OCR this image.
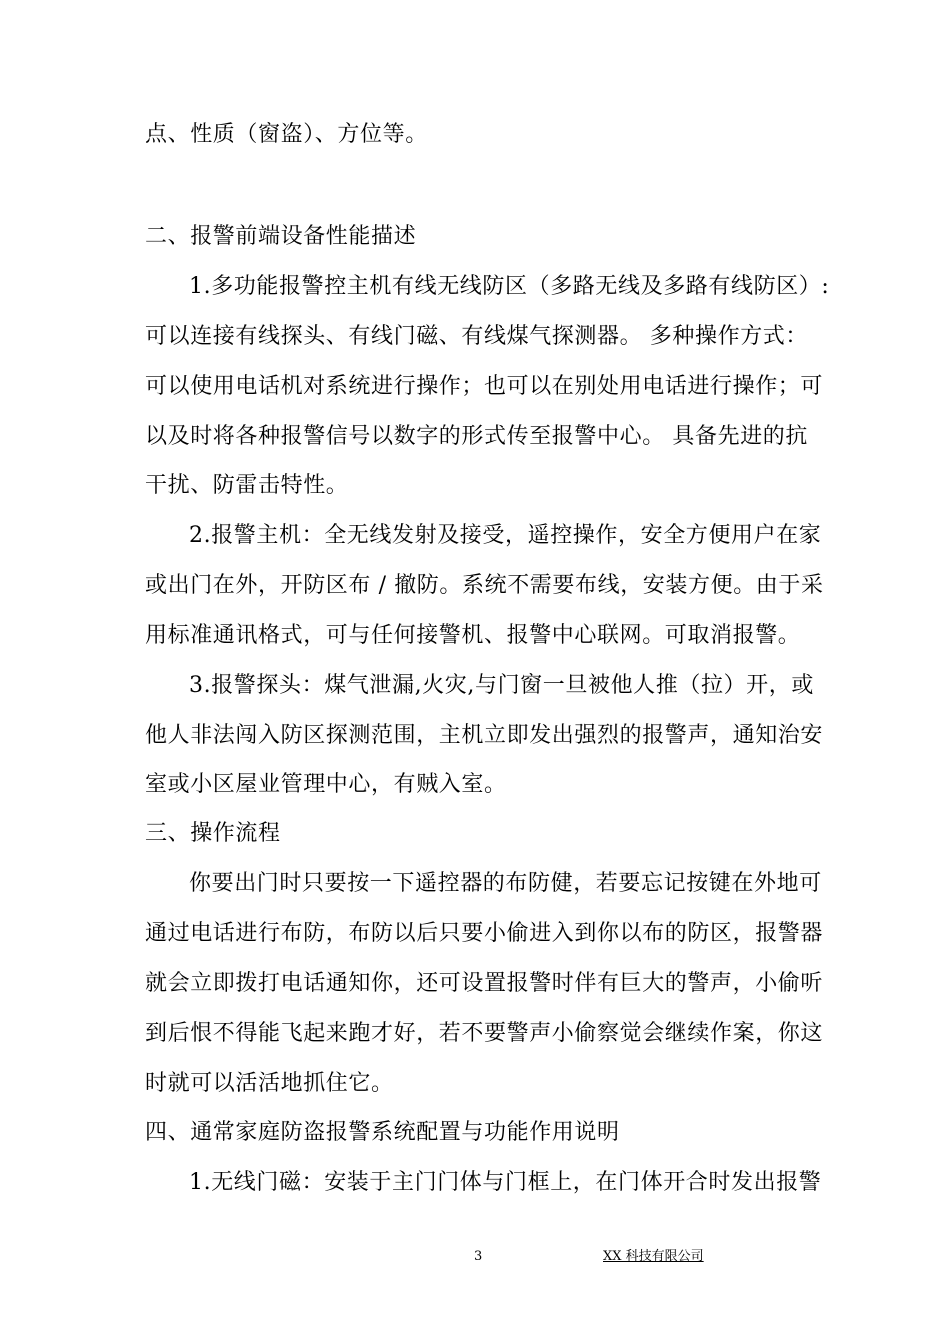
点、性质（窗盗）、方位等。
二、报警前端设备性能描述
1.多功能报警控主机有线无线防区（多路无线及多路有线防区）:
可以连接有线探头、有线门磁、有线煤气探测器。 多种操作方式：
可以使用电话机对系统进行操作；也可以在别处用电话进行操作；可
以及时将各种报警信号以数字的形式传至报警中心。 具备先进的抗
干扰、防雷击特性。
2.报警主机：全无线发射及接受，遥控操作，安全方便用户在家
或出门在外，开防区布 / 撤防。系统不需要布线，安装方便。由于采
用标准通讯格式，可与任何接警机、报警中心联网。可取消报警。
3.报警探头：煤气泄漏,火灾,与门窗一旦被他人推（拉）开，或
他人非法闯入防区探测范围，主机立即发出强烈的报警声，通知治安
室或小区屋业管理中心，有贼入室。
三、操作流程
你要出门时只要按一下遥控器的布防健，若要忘记按键在外地可
通过电话进行布防，布防以后只要小偷进入到你以布的防区，报警器
就会立即拨打电话通知你，还可设置报警时伴有巨大的警声，小偷听
到后恨不得能飞起来跑才好，若不要警声小偷察觉会继续作案，你这
时就可以活活地抓住它。
四、通常家庭防盗报警系统配置与功能作用说明
1.无线门磁：安装于主门门体与门框上，在门体开合时发出报警
3	XX 科技有限公司
